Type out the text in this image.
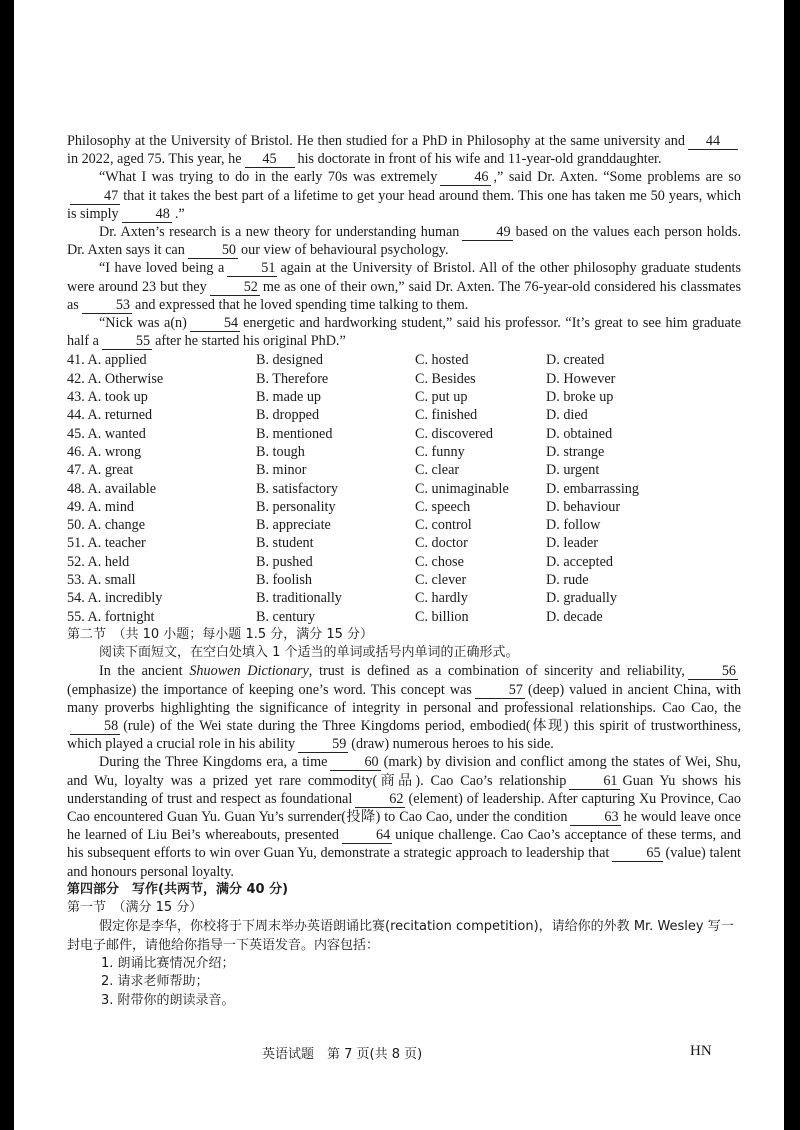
Philosophy at the University of Bristol. He then studied for a PhD in Philosophy at the same university and 44in 2022, aged 75. This year, he 45 his doctorate in front of his wife and 11-year-old granddaughter.

“What I was trying to do in the early 70s was extremely	46 ,” said Dr. Axten. “Some problems are so47 that it takes the best part of a lifetime to get your head around them. This one has taken me 50 years, which is simply	48 .”

Dr. Axten’s research is a new theory for understanding human	49 based on the values each person holds. Dr. Axten says it can	50 our view of behavioural psychology.

“I have loved being a	51 again at the University of Bristol. All of the other philosophy graduate students were around 23 but they	52 me as one of their own,” said Dr. Axten. The 76-year-old considered his classmates as	53 and expressed that he loved spending time talking to them.

“Nick was a(n)	54 energetic and hardworking student,” said his professor. “It’s great to see him graduate half a	55 after he started his original PhD.”

41. A. applied	B. designed	C. hosted	D. created
42. A. Otherwise	B. Therefore	C. Besides	D. However
43. A. took up	B. made up	C. put up	D. broke up
44. A. returned	B. dropped	C. finished	D. died
45. A. wanted	B. mentioned	C. discovered	D. obtained
46. A. wrong	B. tough	C. funny	D. strange
47. A. great	B. minor	C. clear	D. urgent
48. A. available	B. satisfactory	C. unimaginable	D. embarrassing
49. A. mind	B. personality	C. speech	D. behaviour
50. A. change	B. appreciate	C. control	D. follow
51. A. teacher	B. student	C. doctor	D. leader
52. A. held	B. pushed	C. chose	D. accepted
53. A. small	B. foolish	C. clever	D. rude
54. A. incredibly	B. traditionally	C. hardly	D. gradually
55. A. fortnight	B. century	C. billion	D. decade
第二节　（共 10 小题；每小题 1.5 分，满分 15 分）
阅读下面短文，在空白处填入 1 个适当的单词或括号内单词的正确形式。

In the ancient Shuowen Dictionary, trust is defined as a combination of sincerity and reliability,	56(emphasize) the importance of keeping one’s word. This concept was	57 (deep) valued in ancient China, with many proverbs highlighting the significance of integrity in personal and professional relationships. Cao Cao, the58 (rule) of the Wei state during the Three Kingdoms period, embodied(体现) this spirit of trustworthiness, which played a crucial role in his ability	59 (draw) numerous heroes to his side.

During the Three Kingdoms era, a time	60 (mark) by division and conflict among the states of Wei, Shu, and Wu, loyalty was a prized yet rare commodity(商品). Cao Cao’s relationship	61 Guan Yu shows his understanding of trust and respect as foundational	62 (element) of leadership. After capturing Xu Province, Cao Cao encountered Guan Yu. Guan Yu’s surrender(投降) to Cao Cao, under the condition	63 he would leave once he learned of Liu Bei’s whereabouts, presented	64 unique challenge. Cao Cao’s acceptance of these terms, and his subsequent efforts to win over Guan Yu, demonstrate a strategic approach to leadership that	65 (value) talent and honours personal loyalty.

第四部分　写作(共两节，满分 40 分)
第一节　（满分 15 分）
假定你是李华，你校将于下周末举办英语朗诵比赛(recitation competition)，请给你的外教 Mr. Wesley 写一封电子邮件，请他给你指导一下英语发音。内容包括：
1. 朗诵比赛情况介绍；
2. 请求老师帮助；
3. 附带你的朗读录音。
英语试题　第 7 页(共 8 页)	HN
